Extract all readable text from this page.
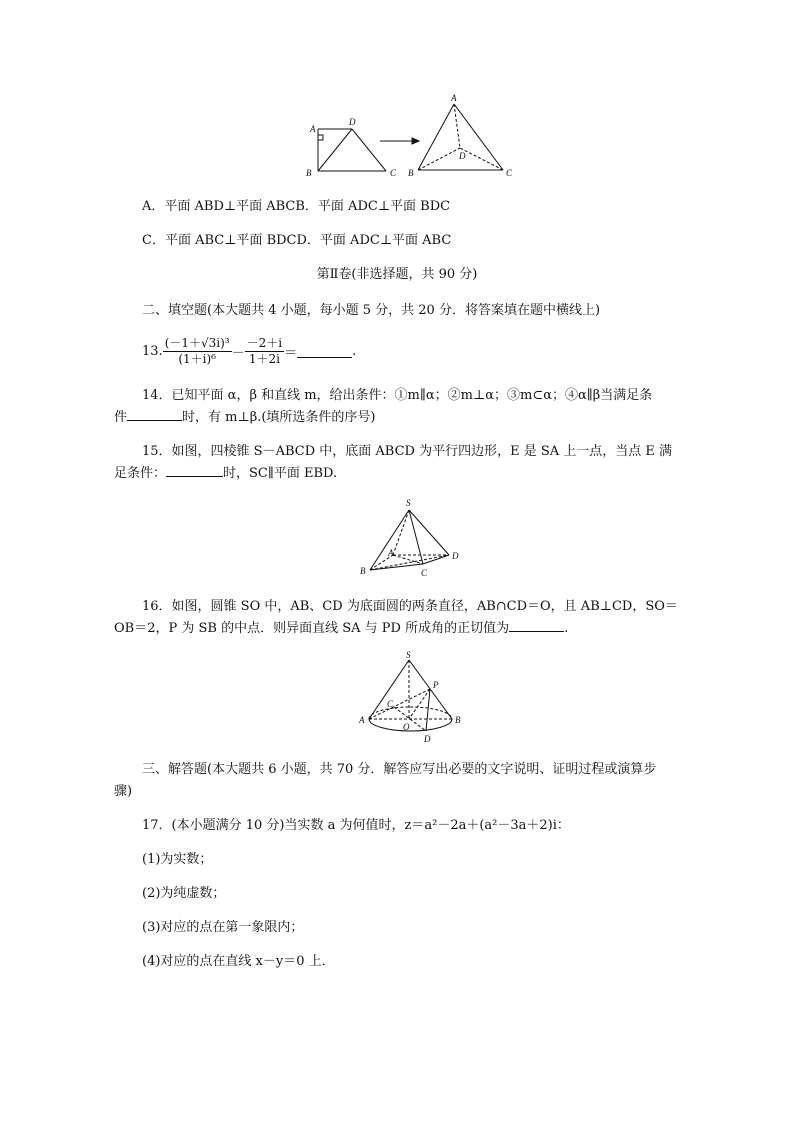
A
D
B	C
A
D
B	C
A．平面 ABD⊥平面 ABCB．平面 ADC⊥平面 BDC
C．平面 ABC⊥平面 BDCD．平面 ADC⊥平面 ABC
第Ⅱ卷(非选择题，共 90 分)
二、填空题(本大题共 4 小题，每小题 5 分，共 20 分．将答案填在题中横线上)
13. $\frac{\text{(－1＋√3i)³}}{\text{(1＋i)⁶}} - \frac{-2+i}{1+2i}$ ＝	.
14．已知平面 α，β 和直线 m，给出条件：①m∥α；②m⊥α；③m⊂α；④α∥β当满足条
件	时，有 m⊥β.(填所选条件的序号)
15．如图，四棱锥 S－ABCD 中，底面 ABCD 为平行四边形，E 是 SA 上一点，当点 E 满
足条件：	时，SC∥平面 EBD.
S
A
B	C
D
16．如图，圆锥 SO 中，AB、CD 为底面圆的两条直径，AB∩CD＝O，且 AB⊥CD，SO＝
OB＝2，P 为 SB 的中点．则异面直线 SA 与 PD 所成角的正切值为	.
S
P
C
O
A	B
D
三、解答题(本大题共 6 小题，共 70 分．解答应写出必要的文字说明、证明过程或演算步
骤)
17．(本小题满分 10 分)当实数 a 为何值时，z＝a²－2a＋(a²－3a＋2)i：
(1)为实数；
(2)为纯虚数；
(3)对应的点在第一象限内；
(4)对应的点在直线 x－y＝0 上．
